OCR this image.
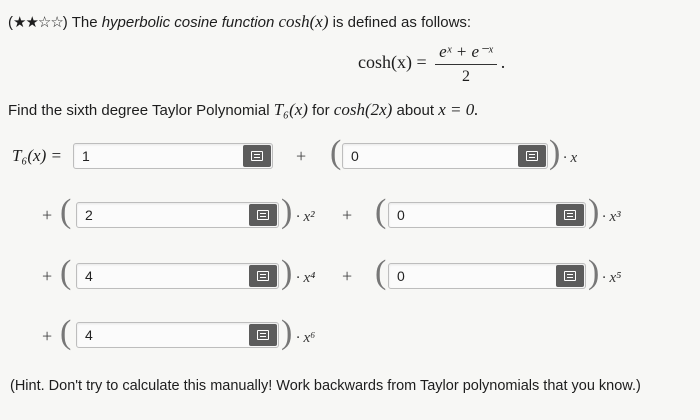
(★★☆☆) The hyperbolic cosine function cosh(x) is defined as follows:
$\cosh(x) = \frac{\text{eˣ + e⁻ˣ}}{2}$ .
Find the sixth degree Taylor Polynomial T₆(x) for cosh(2x) about x = 0.
T₆(x) = 1	+ ( 0	) · x
+ ( 2	) · x² + ( 0	) · x³
+ ( 4	) · x⁴ + ( 0	) · x⁵
+ ( 4	) · x⁶
(Hint. Don't try to calculate this manually! Work backwards from Taylor polynomials that you know.)
